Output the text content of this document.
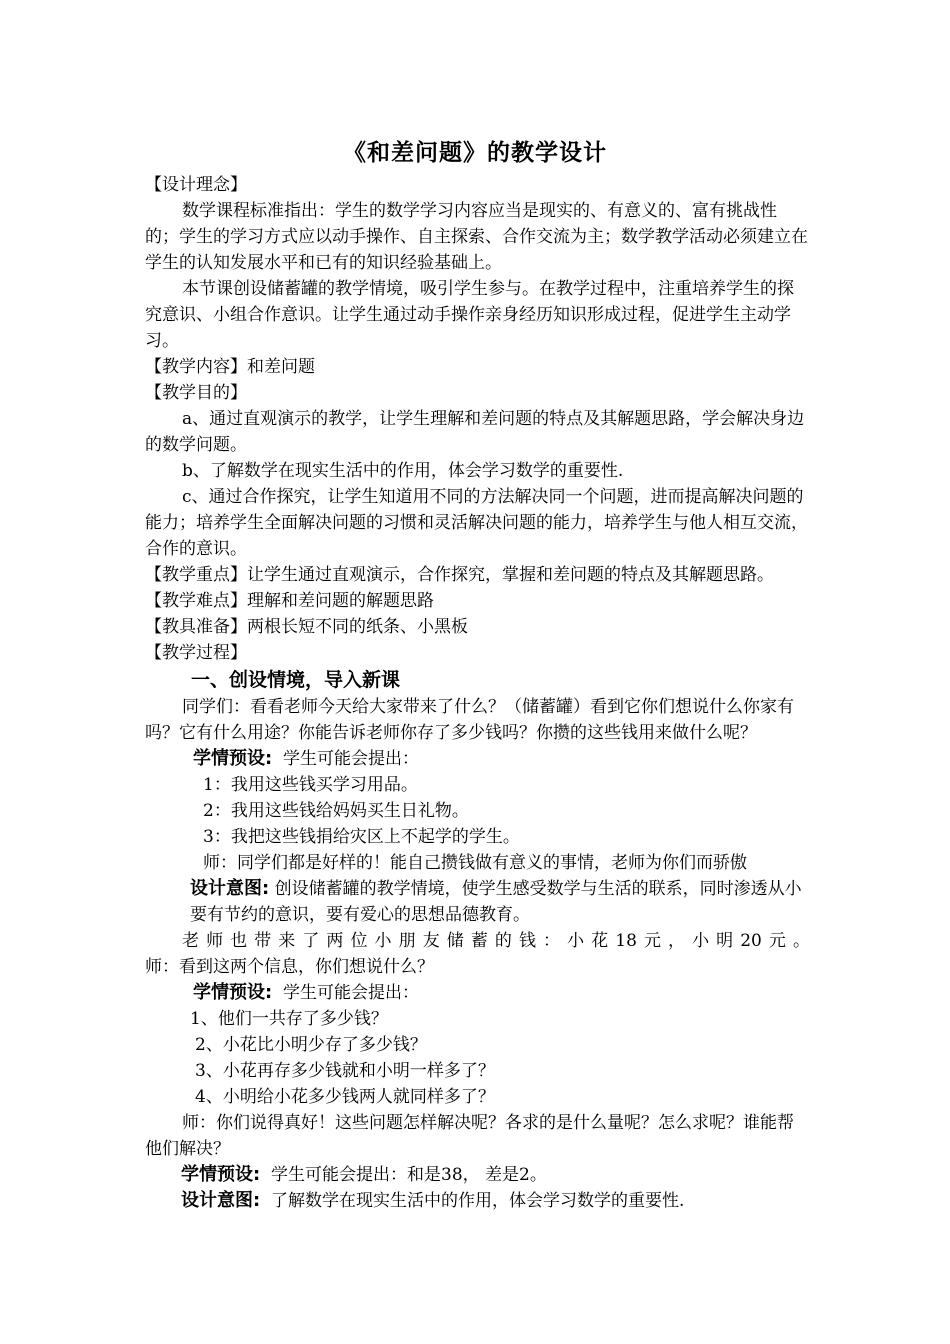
《和差问题》的教学设计

【设计理念】

数学课程标准指出：学生的数学学习内容应当是现实的、有意义的、富有挑战性的；学生的学习方式应以动手操作、自主探索、合作交流为主；数学教学活动必须建立在学生的认知发展水平和已有的知识经验基础上。

本节课创设储蓄罐的教学情境，吸引学生参与。在教学过程中，注重培养学生的探究意识、小组合作意识。让学生通过动手操作亲身经历知识形成过程，促进学生主动学习。

【教学内容】和差问题

【教学目的】

a、通过直观演示的教学，让学生理解和差问题的特点及其解题思路，学会解决身边的数学问题。

b、了解数学在现实生活中的作用，体会学习数学的重要性.

c、通过合作探究，让学生知道用不同的方法解决同一个问题，进而提高解决问题的能力；培养学生全面解决问题的习惯和灵活解决问题的能力，培养学生与他人相互交流，合作的意识。

【教学重点】让学生通过直观演示，合作探究，掌握和差问题的特点及其解题思路。

【教学难点】理解和差问题的解题思路

【教具准备】两根长短不同的纸条、小黑板

【教学过程】

一、创设情境，导入新课

同学们：看看老师今天给大家带来了什么？（储蓄罐）看到它你们想说什么你家有吗？它有什么用途？你能告诉老师你存了多少钱吗？你攒的这些钱用来做什么呢？

学情预设: 学生可能会提出：

1：我用这些钱买学习用品。

2：我用这些钱给妈妈买生日礼物。

3：我把这些钱捐给灾区上不起学的学生。

师：同学们都是好样的！能自己攒钱做有意义的事情，老师为你们而骄傲

设计意图: 创设储蓄罐的教学情境，使学生感受数学与生活的联系，同时渗透从小要有节约的意识，要有爱心的思想品德教育。

老师也带来了两位小朋友储蓄的钱：小花18元，小明20元。

师：看到这两个信息，你们想说什么？

学情预设: 学生可能会提出：

1、他们一共存了多少钱？

2、小花比小明少存了多少钱？

3、小花再存多少钱就和小明一样多了？

4、小明给小花多少钱两人就同样多了？

师：你们说得真好！这些问题怎样解决呢？各求的是什么量呢？怎么求呢？谁能帮他们解决？

学情预设: 学生可能会提出：和是38， 差是2。

设计意图: 了解数学在现实生活中的作用，体会学习数学的重要性.
